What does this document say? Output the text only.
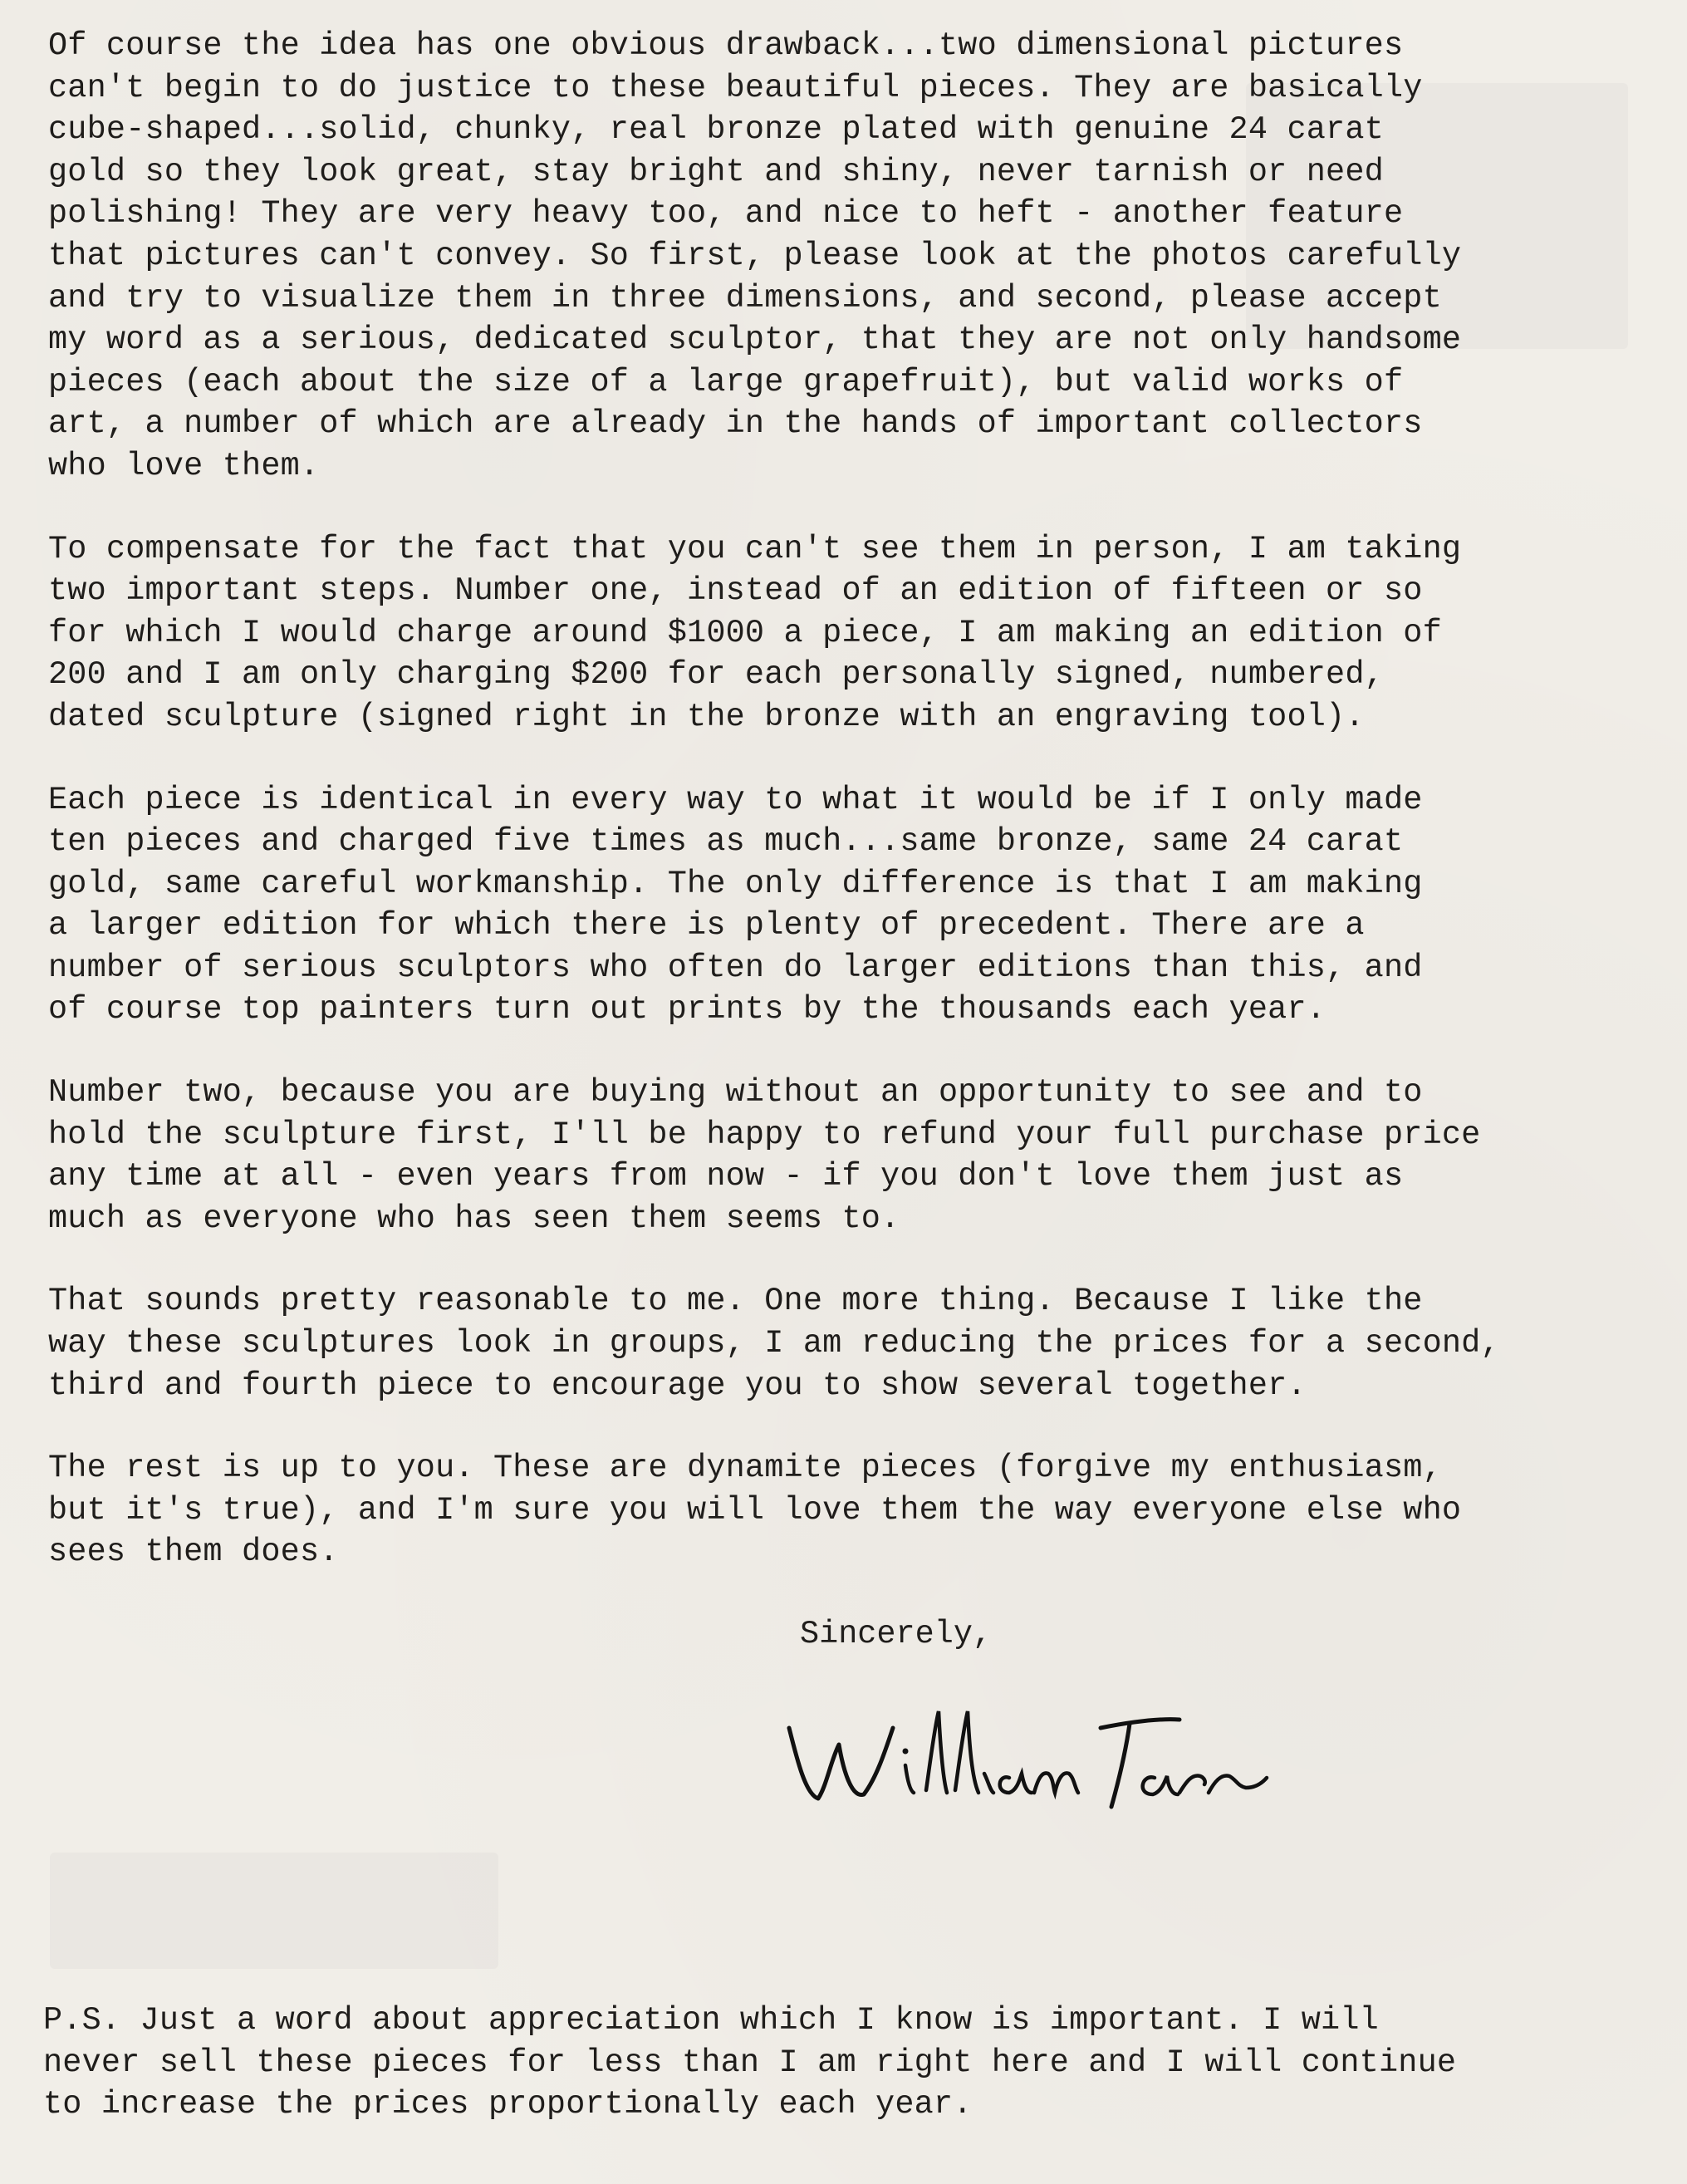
Of course the idea has one obvious drawback...two dimensional pictures
can't begin to do justice to these beautiful pieces. They are basically
cube-shaped...solid, chunky, real bronze plated with genuine 24 carat
gold so they look great, stay bright and shiny, never tarnish or need
polishing! They are very heavy too, and nice to heft - another feature
that pictures can't convey. So first, please look at the photos carefully
and try to visualize them in three dimensions, and second, please accept
my word as a serious, dedicated sculptor, that they are not only handsome
pieces (each about the size of a large grapefruit), but valid works of
art, a number of which are already in the hands of important collectors
who love them.

To compensate for the fact that you can't see them in person, I am taking
two important steps. Number one, instead of an edition of fifteen or so
for which I would charge around $1000 a piece, I am making an edition of
200 and I am only charging $200 for each personally signed, numbered,
dated sculpture (signed right in the bronze with an engraving tool).

Each piece is identical in every way to what it would be if I only made
ten pieces and charged five times as much...same bronze, same 24 carat
gold, same careful workmanship. The only difference is that I am making
a larger edition for which there is plenty of precedent. There are a
number of serious sculptors who often do larger editions than this, and
of course top painters turn out prints by the thousands each year.

Number two, because you are buying without an opportunity to see and to
hold the sculpture first, I'll be happy to refund your full purchase price
any time at all - even years from now - if you don't love them just as
much as everyone who has seen them seems to.

That sounds pretty reasonable to me. One more thing. Because I like the
way these sculptures look in groups, I am reducing the prices for a second,
third and fourth piece to encourage you to show several together.

The rest is up to you. These are dynamite pieces (forgive my enthusiasm,
but it's true), and I'm sure you will love them the way everyone else who
sees them does.

Sincerely,

P.S. Just a word about appreciation which I know is important. I will
never sell these pieces for less than I am right here and I will continue
to increase the prices proportionally each year.
